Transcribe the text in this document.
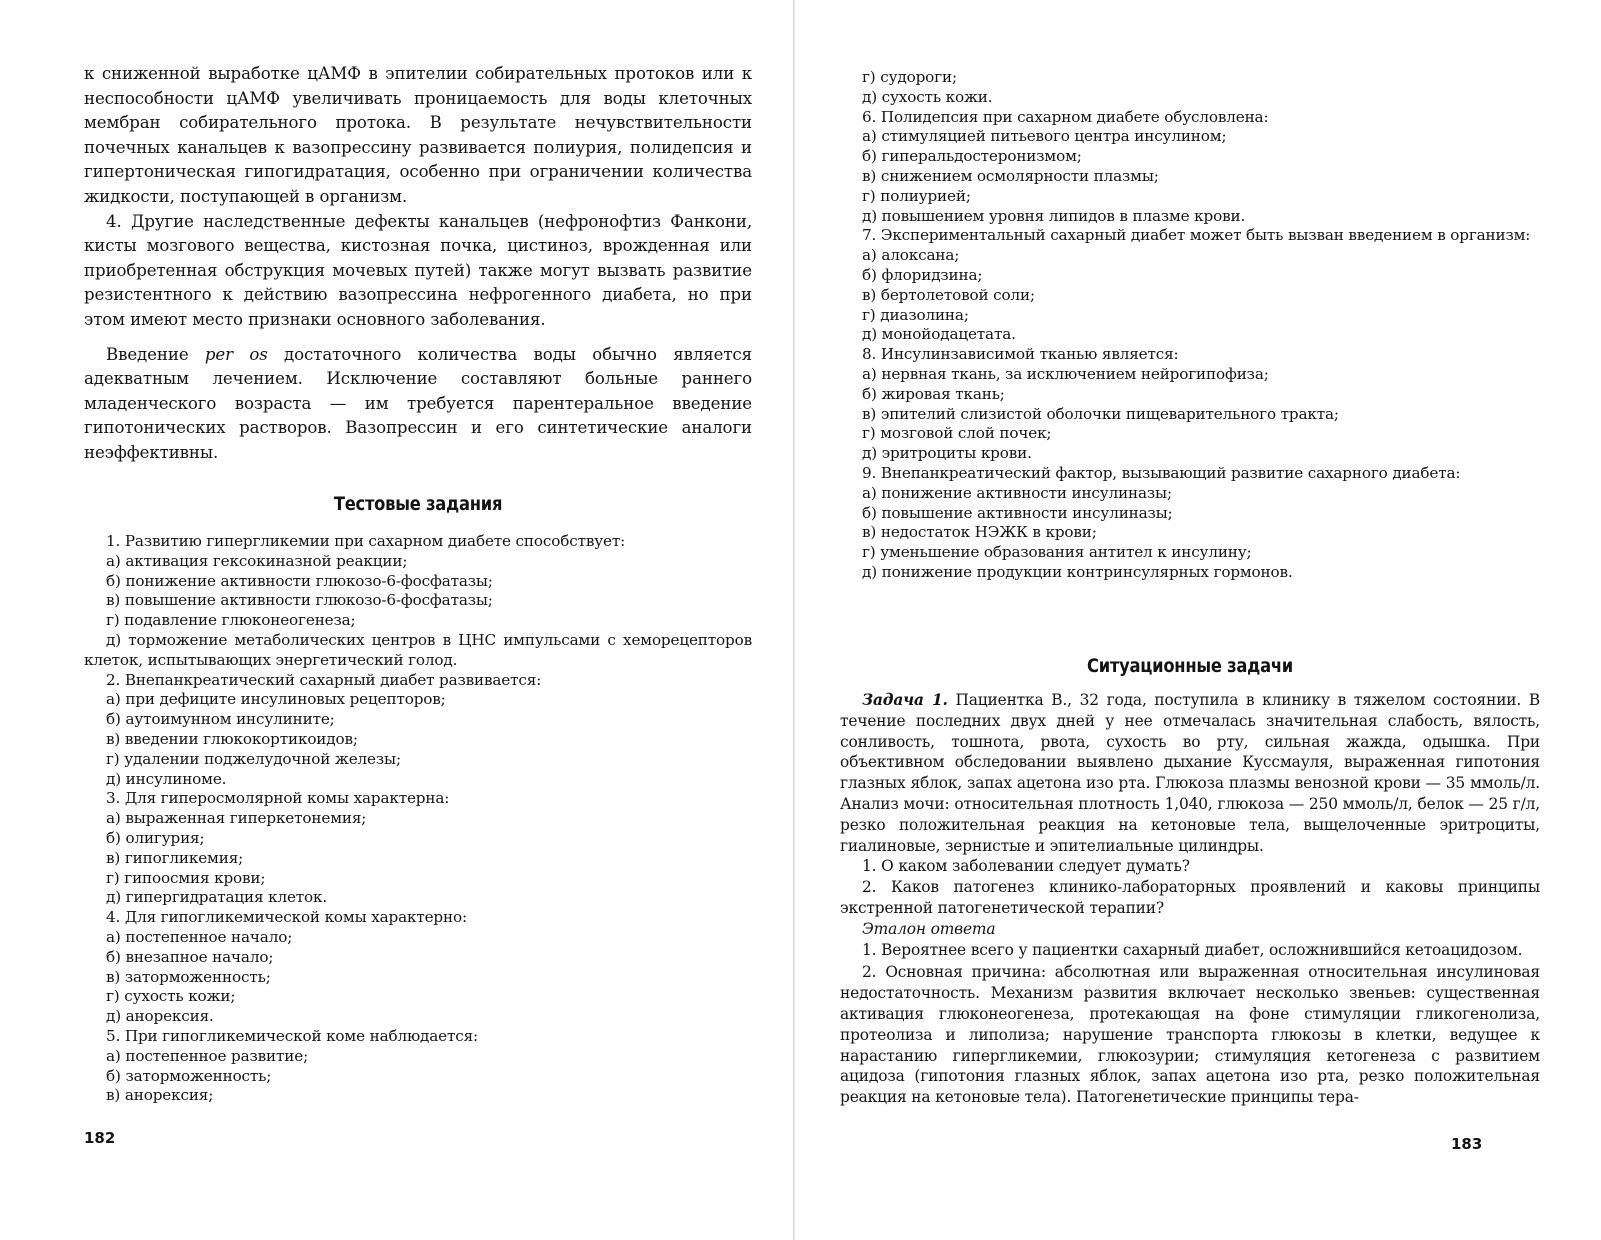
к сниженной выработке цАМФ в эпителии собирательных протоков или к неспособности цАМФ увеличивать проницаемость для воды клеточных мембран собирательного протока. В результате нечувствительности почечных канальцев к вазопрессину развивается полиурия, полидепсия и гипертоническая гипогидратация, особенно при ограничении количества жидкости, поступающей в организм.

4. Другие наследственные дефекты канальцев (нефронофтиз Фанкони, кисты мозгового вещества, кистозная почка, цистиноз, врожденная или приобретенная обструкция мочевых путей) также могут вызвать развитие резистентного к действию вазопрессина нефрогенного диабета, но при этом имеют место признаки основного заболевания.

Введение per os достаточного количества воды обычно является адекватным лечением. Исключение составляют больные раннего младенческого возраста — им требуется парентеральное введение гипотонических растворов. Вазопрессин и его синтетические аналоги неэффективны.

Тестовые задания

1. Развитию гипергликемии при сахарном диабете способствует:

а) активация гексокиназной реакции;

б) понижение активности глюкозо-6-фосфатазы;

в) повышение активности глюкозо-6-фосфатазы;

г) подавление глюконеогенеза;

д) торможение метаболических центров в ЦНС импульсами с хеморецепторов клеток, испытывающих энергетический голод.

2. Внепанкреатический сахарный диабет развивается:

а) при дефиците инсулиновых рецепторов;

б) аутоимунном инсулините;

в) введении глюкокортикоидов;

г) удалении поджелудочной железы;

д) инсулиноме.

3. Для гиперосмолярной комы характерна:

а) выраженная гиперкетонемия;

б) олигурия;

в) гипогликемия;

г) гипоосмия крови;

д) гипергидратация клеток.

4. Для гипогликемической комы характерно:

а) постепенное начало;

б) внезапное начало;

в) заторможенность;

г) сухость кожи;

д) анорексия.

5. При гипогликемической коме наблюдается:

а) постепенное развитие;

б) заторможенность;

в) анорексия;

182

г) судороги;

д) сухость кожи.

6. Полидепсия при сахарном диабете обусловлена:

а) стимуляцией питьевого центра инсулином;

б) гиперальдостеронизмом;

в) снижением осмолярности плазмы;

г) полиурией;

д) повышением уровня липидов в плазме крови.

7. Экспериментальный сахарный диабет может быть вызван введением в организм:

а) алоксана;

б) флоридзина;

в) бертолетовой соли;

г) диазолина;

д) монойодацетата.

8. Инсулинзависимой тканью является:

а) нервная ткань, за исключением нейрогипофиза;

б) жировая ткань;

в) эпителий слизистой оболочки пищеварительного тракта;

г) мозговой слой почек;

д) эритроциты крови.

9. Внепанкреатический фактор, вызывающий развитие сахарного диабета:

а) понижение активности инсулиназы;

б) повышение активности инсулиназы;

в) недостаток НЭЖК в крови;

г) уменьшение образования антител к инсулину;

д) понижение продукции контринсулярных гормонов.

Ситуационные задачи

Задача 1. Пациентка В., 32 года, поступила в клинику в тяжелом состоянии. В течение последних двух дней у нее отмечалась значительная слабость, вялость, сонливость, тошнота, рвота, сухость во рту, сильная жажда, одышка. При объективном обследовании выявлено дыхание Куссмауля, выраженная гипотония глазных яблок, запах ацетона изо рта. Глюкоза плазмы венозной крови — 35 ммоль/л. Анализ мочи: относительная плотность 1,040, глюкоза — 250 ммоль/л, белок — 25 г/л, резко положительная реакция на кетоновые тела, выщелоченные эритроциты, гиалиновые, зернистые и эпителиальные цилиндры.

1. О каком заболевании следует думать?

2. Каков патогенез клинико-лабораторных проявлений и каковы принципы экстренной патогенетической терапии?

Эталон ответа

1. Вероятнее всего у пациентки сахарный диабет, осложнившийся кетоацидозом.

2. Основная причина: абсолютная или выраженная относительная инсулиновая недостаточность. Механизм развития включает несколько звеньев: существенная активация глюконеогенеза, протекающая на фоне стимуляции гликогенолиза, протеолиза и липолиза; нарушение транспорта глюкозы в клетки, ведущее к нарастанию гипергликемии, глюкозурии; стимуляция кетогенеза с развитием ацидоза (гипотония глазных яблок, запах ацетона изо рта, резко положительная реакция на кетоновые тела). Патогенетические принципы тера-

183
